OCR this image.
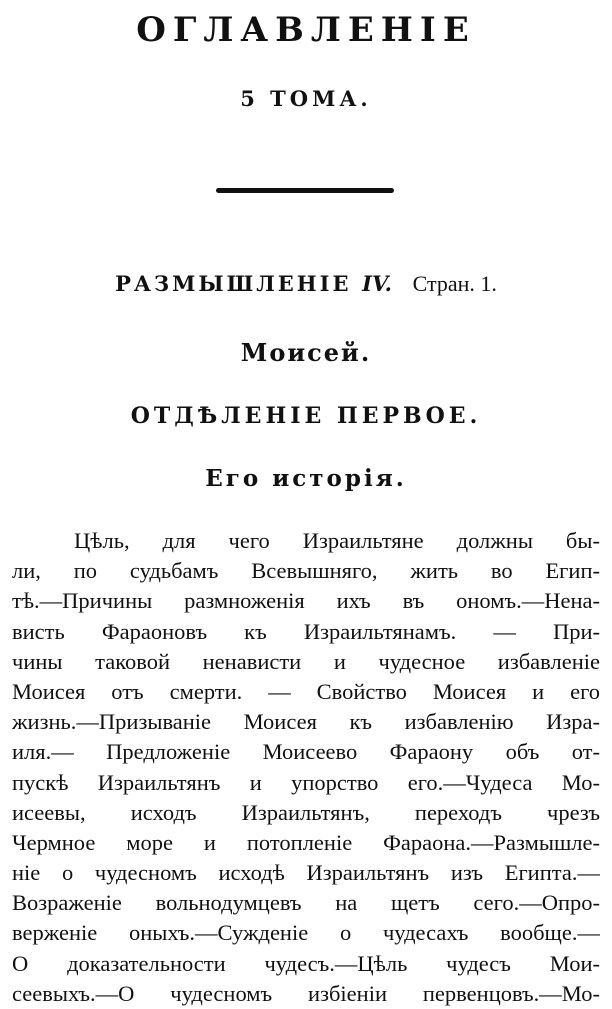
ОГЛАВЛЕНІЕ
5 ТОМА.
РАЗМЫШЛЕНІЕ IV. Стран. 1.
Моисей.
ОТДѢЛЕНІЕ ПЕРВОЕ.
Его исторія.
Цѣль, для чего Израильтяне должны бы-
ли, по судьбамъ Всевышняго, жить во Егип-
тѣ.—Причины размноженія ихъ въ ономъ.—Нена-
висть Фараоновъ къ Израильтянамъ. — При-
чины таковой ненависти и чудесное избавленіе
Моисея отъ смерти. — Свойство Моисея и его
жизнь.—Призываніе Моисея къ избавленію Изра-
иля.— Предложеніе Моисеево Фараону объ от-
пускѣ Израильтянъ и упорство его.—Чудеса Мо-
исеевы, исходъ Израильтянъ, переходъ чрезъ
Чермное море и потопленіе Фараона.—Размышле-
ніе о чудесномъ исходѣ Израильтянъ изъ Египта.—
Возраженіе вольнодумцевъ на щетъ сего.—Опро-
верженіе оныхъ.—Сужденіе о чудесахъ вообще.—
О доказательности чудесъ.—Цѣль чудесъ Мои-
сеевыхъ.—О чудесномъ избіеніи первенцовъ.—Мо-
